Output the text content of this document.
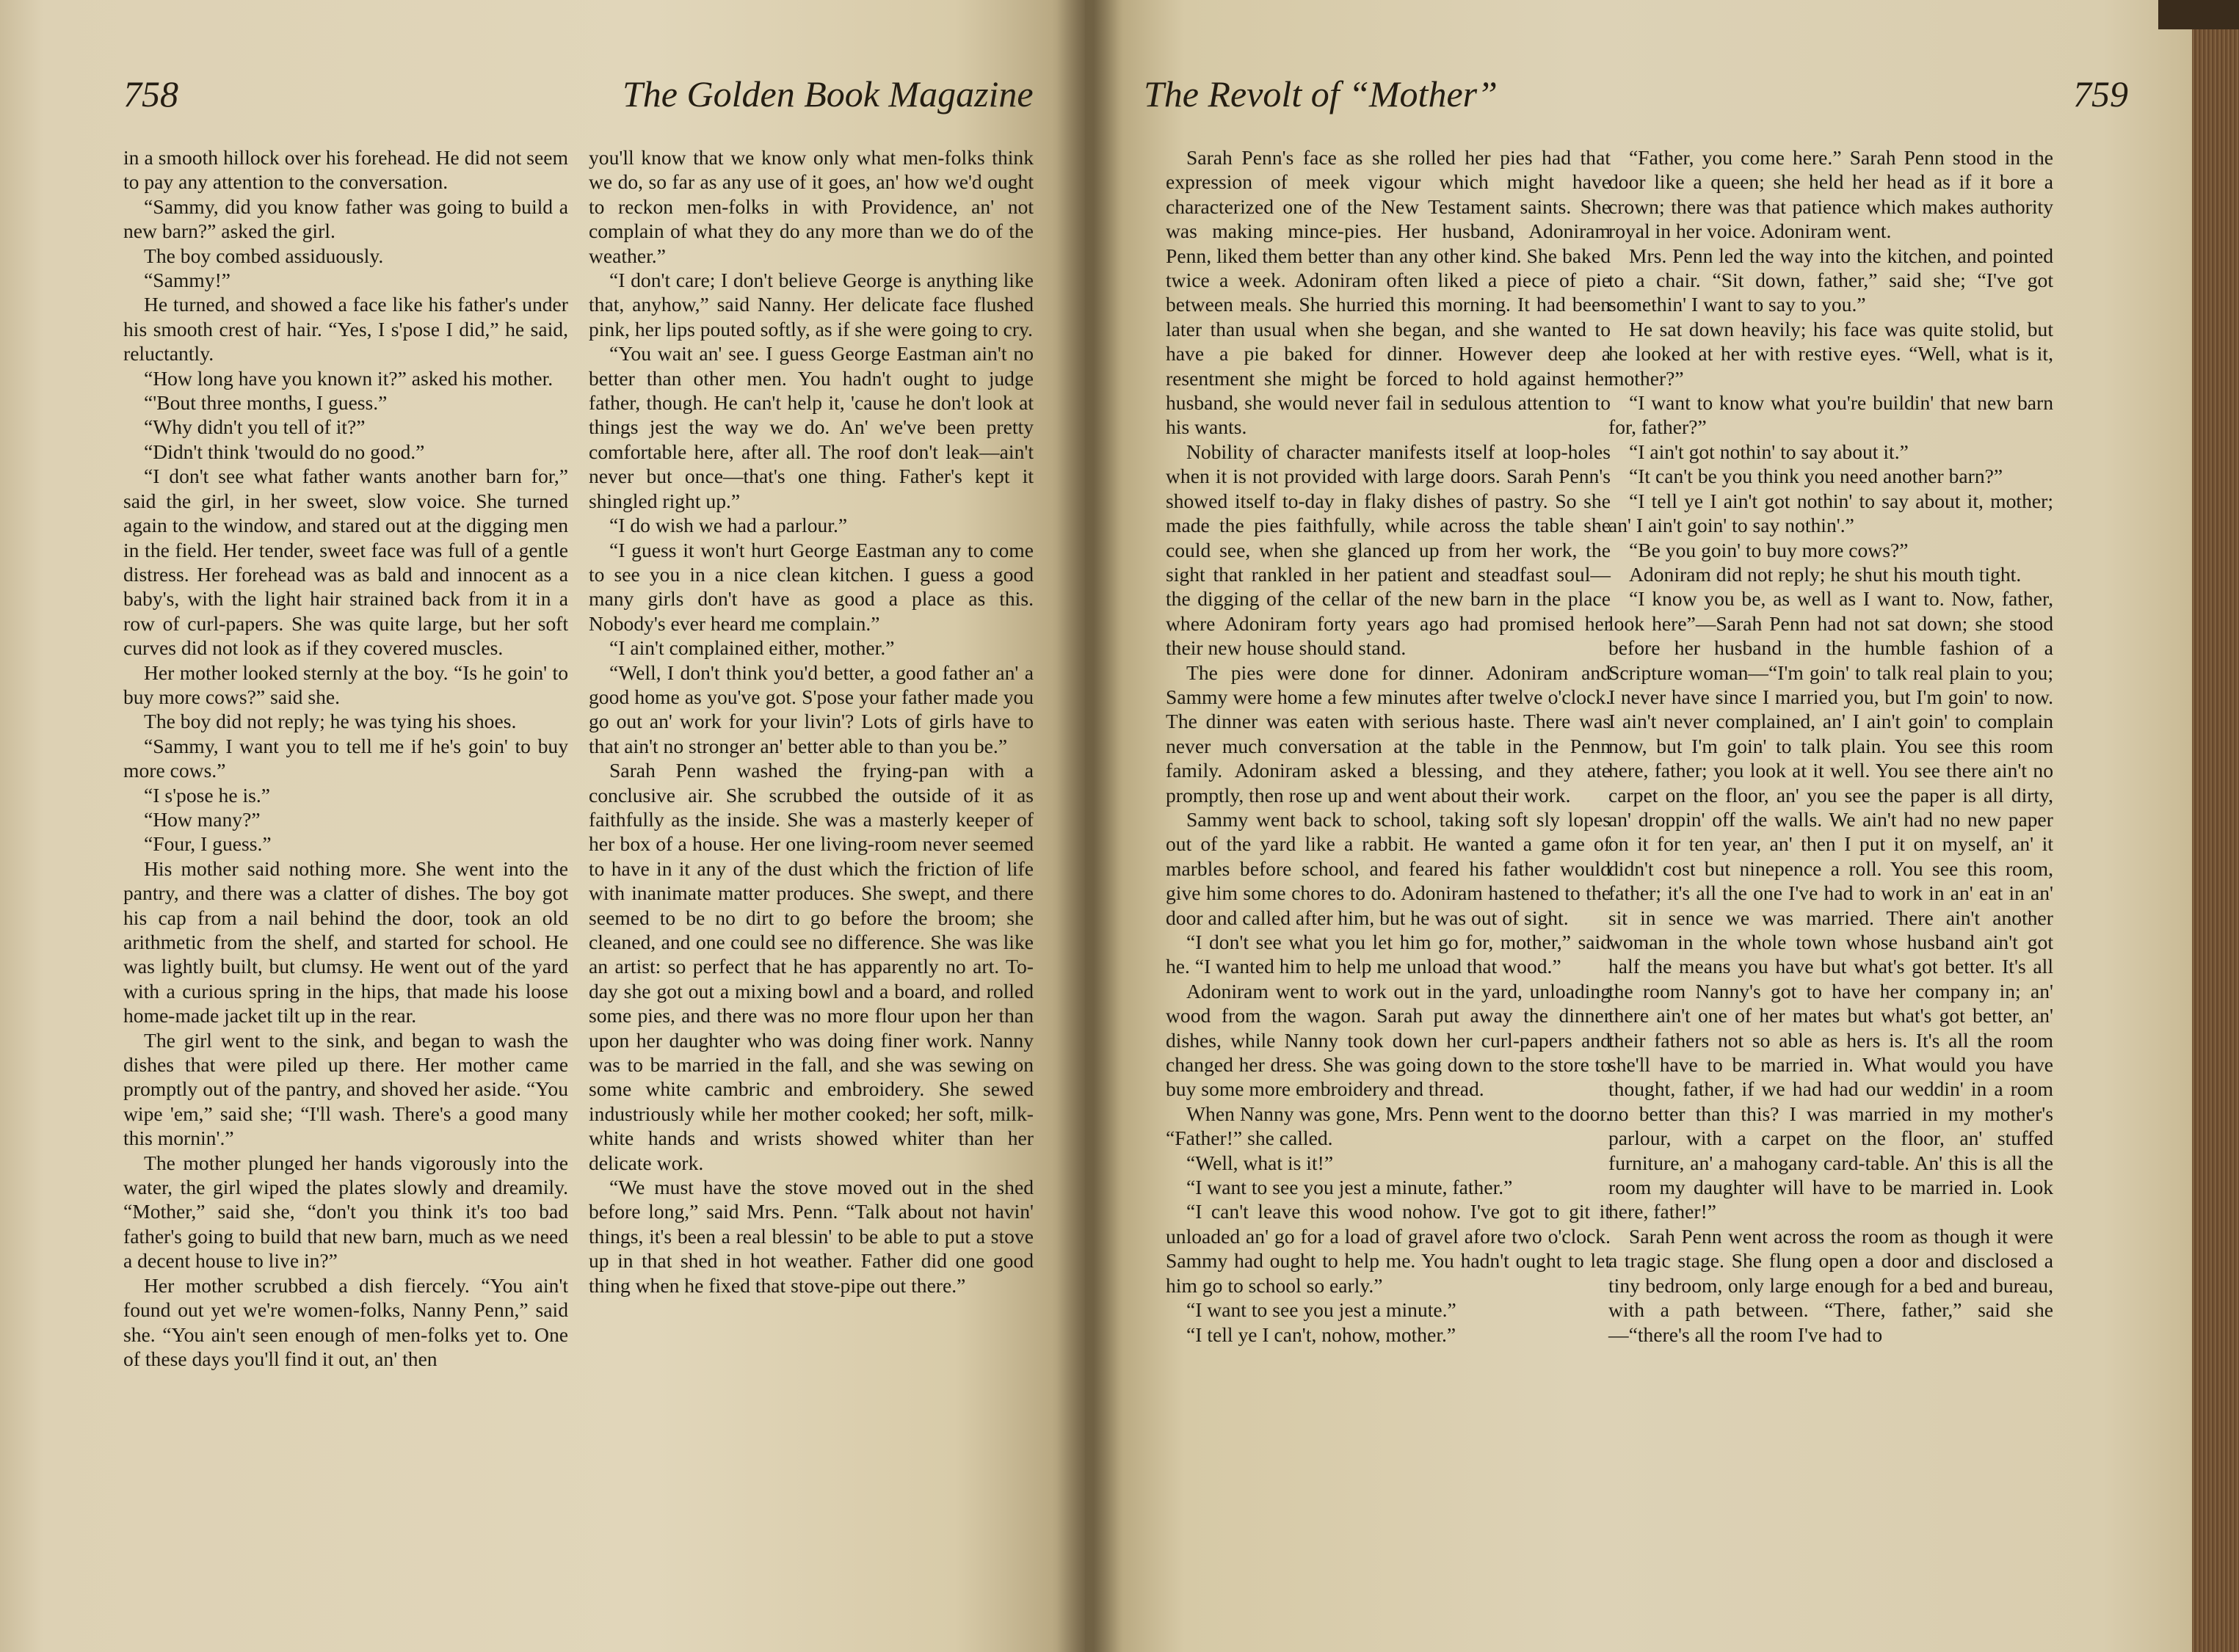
758	The Golden Book Magazine

in a smooth hillock over his forehead. He did not seem to pay any attention to the conversation.

“Sammy, did you know father was going to build a new barn?” asked the girl.

The boy combed assiduously.

“Sammy!”

He turned, and showed a face like his father's under his smooth crest of hair. “Yes, I s'pose I did,” he said, reluctantly.

“How long have you known it?” asked his mother.

“'Bout three months, I guess.”

“Why didn't you tell of it?”

“Didn't think 'twould do no good.”

“I don't see what father wants another barn for,” said the girl, in her sweet, slow voice. She turned again to the window, and stared out at the digging men in the field. Her tender, sweet face was full of a gentle distress. Her forehead was as bald and innocent as a baby's, with the light hair strained back from it in a row of curl-papers. She was quite large, but her soft curves did not look as if they covered muscles.

Her mother looked sternly at the boy. “Is he goin' to buy more cows?” said she.

The boy did not reply; he was tying his shoes.

“Sammy, I want you to tell me if he's goin' to buy more cows.”

“I s'pose he is.”

“How many?”

“Four, I guess.”

His mother said nothing more. She went into the pantry, and there was a clatter of dishes. The boy got his cap from a nail behind the door, took an old arithmetic from the shelf, and started for school. He was lightly built, but clumsy. He went out of the yard with a curious spring in the hips, that made his loose home-made jacket tilt up in the rear.

The girl went to the sink, and began to wash the dishes that were piled up there. Her mother came promptly out of the pantry, and shoved her aside. “You wipe 'em,” said she; “I'll wash. There's a good many this mornin'.”

The mother plunged her hands vigorously into the water, the girl wiped the plates slowly and dreamily. “Mother,” said she, “don't you think it's too bad father's going to build that new barn, much as we need a decent house to live in?”

Her mother scrubbed a dish fiercely. “You ain't found out yet we're women-folks, Nanny Penn,” said she. “You ain't seen enough of men-folks yet to. One of these days you'll find it out, an' then

you'll know that we know only what men-folks think we do, so far as any use of it goes, an' how we'd ought to reckon men-folks in with Providence, an' not complain of what they do any more than we do of the weather.”

“I don't care; I don't believe George is anything like that, anyhow,” said Nanny. Her delicate face flushed pink, her lips pouted softly, as if she were going to cry.

“You wait an' see. I guess George Eastman ain't no better than other men. You hadn't ought to judge father, though. He can't help it, 'cause he don't look at things jest the way we do. An' we've been pretty comfortable here, after all. The roof don't leak—ain't never but once—that's one thing. Father's kept it shingled right up.”

“I do wish we had a parlour.”

“I guess it won't hurt George Eastman any to come to see you in a nice clean kitchen. I guess a good many girls don't have as good a place as this. Nobody's ever heard me complain.”

“I ain't complained either, mother.”

“Well, I don't think you'd better, a good father an' a good home as you've got. S'pose your father made you go out an' work for your livin'? Lots of girls have to that ain't no stronger an' better able to than you be.”

Sarah Penn washed the frying-pan with a conclusive air. She scrubbed the outside of it as faithfully as the inside. She was a masterly keeper of her box of a house. Her one living-room never seemed to have in it any of the dust which the friction of life with inanimate matter produces. She swept, and there seemed to be no dirt to go before the broom; she cleaned, and one could see no difference. She was like an artist: so perfect that he has apparently no art. To-day she got out a mixing bowl and a board, and rolled some pies, and there was no more flour upon her than upon her daughter who was doing finer work. Nanny was to be married in the fall, and she was sewing on some white cambric and embroidery. She sewed industriously while her mother cooked; her soft, milk-white hands and wrists showed whiter than her delicate work.

“We must have the stove moved out in the shed before long,” said Mrs. Penn. “Talk about not havin' things, it's been a real blessin' to be able to put a stove up in that shed in hot weather. Father did one good thing when he fixed that stove-pipe out there.”

The Revolt of “Mother”	759

Sarah Penn's face as she rolled her pies had that expression of meek vigour which might have characterized one of the New Testament saints. She was making mince-pies. Her husband, Adoniram Penn, liked them better than any other kind. She baked twice a week. Adoniram often liked a piece of pie between meals. She hurried this morning. It had been later than usual when she began, and she wanted to have a pie baked for dinner. However deep a resentment she might be forced to hold against her husband, she would never fail in sedulous attention to his wants.

Nobility of character manifests itself at loop-holes when it is not provided with large doors. Sarah Penn's showed itself to-day in flaky dishes of pastry. So she made the pies faithfully, while across the table she could see, when she glanced up from her work, the sight that rankled in her patient and steadfast soul—the digging of the cellar of the new barn in the place where Adoniram forty years ago had promised her their new house should stand.

The pies were done for dinner. Adoniram and Sammy were home a few minutes after twelve o'clock. The dinner was eaten with serious haste. There was never much conversation at the table in the Penn family. Adoniram asked a blessing, and they ate promptly, then rose up and went about their work.

Sammy went back to school, taking soft sly lopes out of the yard like a rabbit. He wanted a game of marbles before school, and feared his father would give him some chores to do. Adoniram hastened to the door and called after him, but he was out of sight.

“I don't see what you let him go for, mother,” said he. “I wanted him to help me unload that wood.”

Adoniram went to work out in the yard, unloading wood from the wagon. Sarah put away the dinner dishes, while Nanny took down her curl-papers and changed her dress. She was going down to the store to buy some more embroidery and thread.

When Nanny was gone, Mrs. Penn went to the door. “Father!” she called.

“Well, what is it!”

“I want to see you jest a minute, father.”

“I can't leave this wood nohow. I've got to git it unloaded an' go for a load of gravel afore two o'clock. Sammy had ought to help me. You hadn't ought to let him go to school so early.”

“I want to see you jest a minute.”

“I tell ye I can't, nohow, mother.”

“Father, you come here.” Sarah Penn stood in the door like a queen; she held her head as if it bore a crown; there was that patience which makes authority royal in her voice. Adoniram went.

Mrs. Penn led the way into the kitchen, and pointed to a chair. “Sit down, father,” said she; “I've got somethin' I want to say to you.”

He sat down heavily; his face was quite stolid, but he looked at her with restive eyes. “Well, what is it, mother?”

“I want to know what you're buildin' that new barn for, father?”

“I ain't got nothin' to say about it.”

“It can't be you think you need another barn?”

“I tell ye I ain't got nothin' to say about it, mother; an' I ain't goin' to say nothin'.”

“Be you goin' to buy more cows?”

Adoniram did not reply; he shut his mouth tight.

“I know you be, as well as I want to. Now, father, look here”—Sarah Penn had not sat down; she stood before her husband in the humble fashion of a Scripture woman—“I'm goin' to talk real plain to you; I never have since I married you, but I'm goin' to now. I ain't never complained, an' I ain't goin' to complain now, but I'm goin' to talk plain. You see this room here, father; you look at it well. You see there ain't no carpet on the floor, an' you see the paper is all dirty, an' droppin' off the walls. We ain't had no new paper on it for ten year, an' then I put it on myself, an' it didn't cost but ninepence a roll. You see this room, father; it's all the one I've had to work in an' eat in an' sit in sence we was married. There ain't another woman in the whole town whose husband ain't got half the means you have but what's got better. It's all the room Nanny's got to have her company in; an' there ain't one of her mates but what's got better, an' their fathers not so able as hers is. It's all the room she'll have to be married in. What would you have thought, father, if we had had our weddin' in a room no better than this? I was married in my mother's parlour, with a carpet on the floor, an' stuffed furniture, an' a mahogany card-table. An' this is all the room my daughter will have to be married in. Look here, father!”

Sarah Penn went across the room as though it were a tragic stage. She flung open a door and disclosed a tiny bedroom, only large enough for a bed and bureau, with a path between. “There, father,” said she—“there's all the room I've had to
